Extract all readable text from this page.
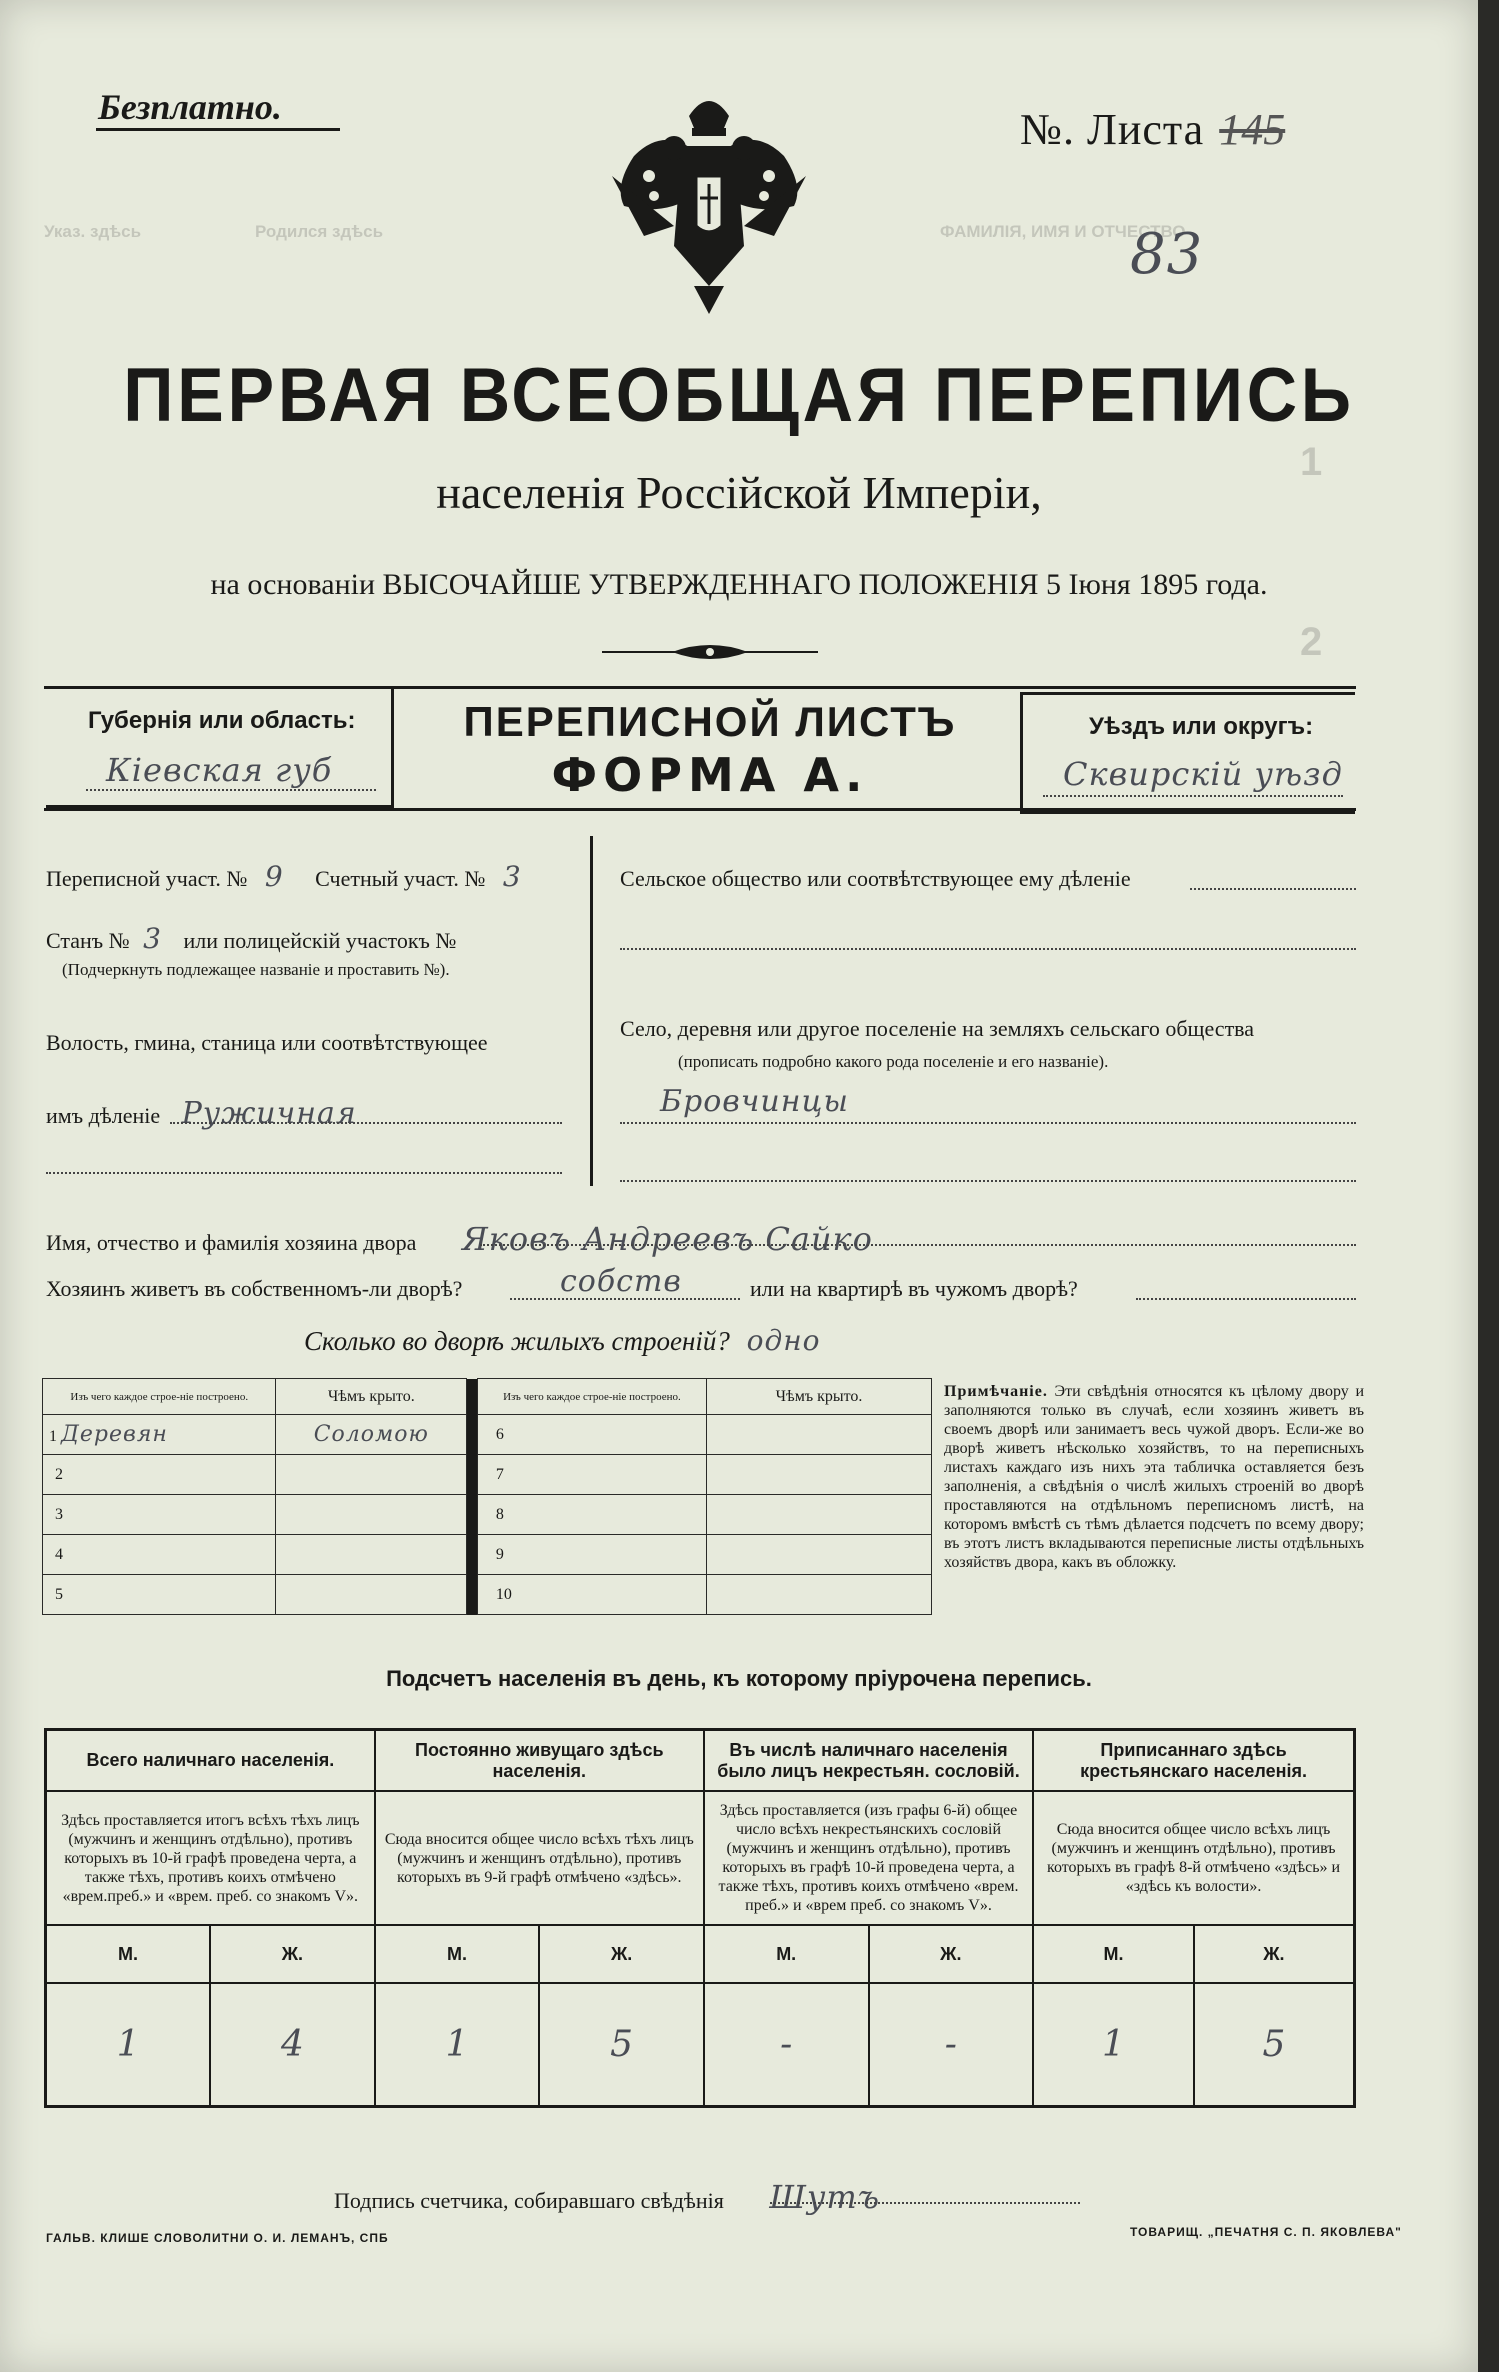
Указ. здѣсь	Родился здѣсь	ФАМИЛІЯ, ИМЯ И ОТЧЕСТВО
1
2
Безплатно.	№. Листа 145
83
ПЕРВАЯ ВСЕОБЩАЯ ПЕРЕПИСЬ
населенія Россійской Имперіи,
на основаніи ВЫСОЧАЙШЕ УТВЕРЖДЕННАГО ПОЛОЖЕНІЯ 5 Іюня 1895 года.
Губернія или область:
Кіевская губ
ПЕРЕПИСНОЙ ЛИСТЪ
ФОРМА А.
Уѣздъ или округъ:
Сквирскій уѣзд
Переписной участ. № 9 Счетный участ. № 3
Станъ № 3 или полицейскій участокъ №
(Подчеркнуть подлежащее названіе и проставить №).
Волость, гмина, станица или соотвѣтствующее
имъ дѣленіе Ружичная
Сельское общество или соотвѣтствующее ему дѣленіе
Село, деревня или другое поселеніе на земляхъ сельскаго общества
(прописать подробно какого рода поселеніе и его названіе).
Бровчинцы
Имя, отчество и фамилія хозяина двора Яковъ Андреевъ Сайко
Хозяинъ живетъ въ собственномъ-ли дворѣ?	собств	или на квартирѣ въ чужомъ дворѣ?
Сколько во дворѣ жилыхъ строеній? одно
Изъ чего каждое строе-ніе построено.	Чѣмъ крыто.		Изъ чего каждое строе-ніе построено.	Чѣмъ крыто.
1 Деревян	Соломою		6	
2			7	
3			8	
4			9	
5			10	
Примѣчаніе. Эти свѣдѣнія относятся къ цѣлому двору и заполняются только въ случаѣ, если хозяинъ живетъ въ своемъ дворѣ или занимаетъ весь чужой дворъ. Если-же во дворѣ живетъ нѣсколько хозяйствъ, то на переписныхъ листахъ каждаго изъ нихъ эта табличка оставляется безъ заполненія, а свѣдѣнія о числѣ жилыхъ строеній во дворѣ проставляются на отдѣльномъ переписномъ листѣ, на которомъ вмѣстѣ съ тѣмъ дѣлается подсчетъ по всему двору; въ этотъ листъ вкладываются переписные листы отдѣльныхъ хозяйствъ двора, какъ въ обложку.
Подсчетъ населенія въ день, къ которому пріурочена перепись.
Всего наличнаго населенія.		Постоянно живущаго здѣсь населенія.		Въ числѣ наличнаго населенія было лицъ некрестьян. сословій.		Приписаннаго здѣсь крестьянскаго населенія.	
Здѣсь проставляется итогъ всѣхъ тѣхъ лицъ (мужчинъ и женщинъ отдѣльно), противъ которыхъ въ 10-й графѣ проведена черта, а также тѣхъ, противъ коихъ отмѣчено «врем.преб.» и «врем. преб. со знакомъ V».		Сюда вносится общее число всѣхъ тѣхъ лицъ (мужчинъ и женщинъ отдѣльно), противъ которыхъ въ 9-й графѣ отмѣчено «здѣсь».		Здѣсь проставляется (изъ графы 6-й) общее число всѣхъ некрестьянскихъ сословій (мужчинъ и женщинъ отдѣльно), противъ которыхъ въ графѣ 10-й проведена черта, а также тѣхъ, противъ коихъ отмѣчено «врем. преб.» и «врем преб. со знакомъ V».		Сюда вносится общее число всѣхъ лицъ (мужчинъ и женщинъ отдѣльно), противъ которыхъ въ графѣ 8-й отмѣчено «здѣсь» и «здѣсь къ волости».	
М.	Ж.	М.	Ж.	М.	Ж.	М.	Ж.
1	4	1	5	-	-	1	5
Подпись счетчика, собиравшаго свѣдѣнія Шутъ
ГАЛЬВ. КЛИШЕ СЛОВОЛИТНИ О. И. ЛЕМАНЪ, СПБ	ТОВАРИЩ. „ПЕЧАТНЯ С. П. ЯКОВЛЕВА"
